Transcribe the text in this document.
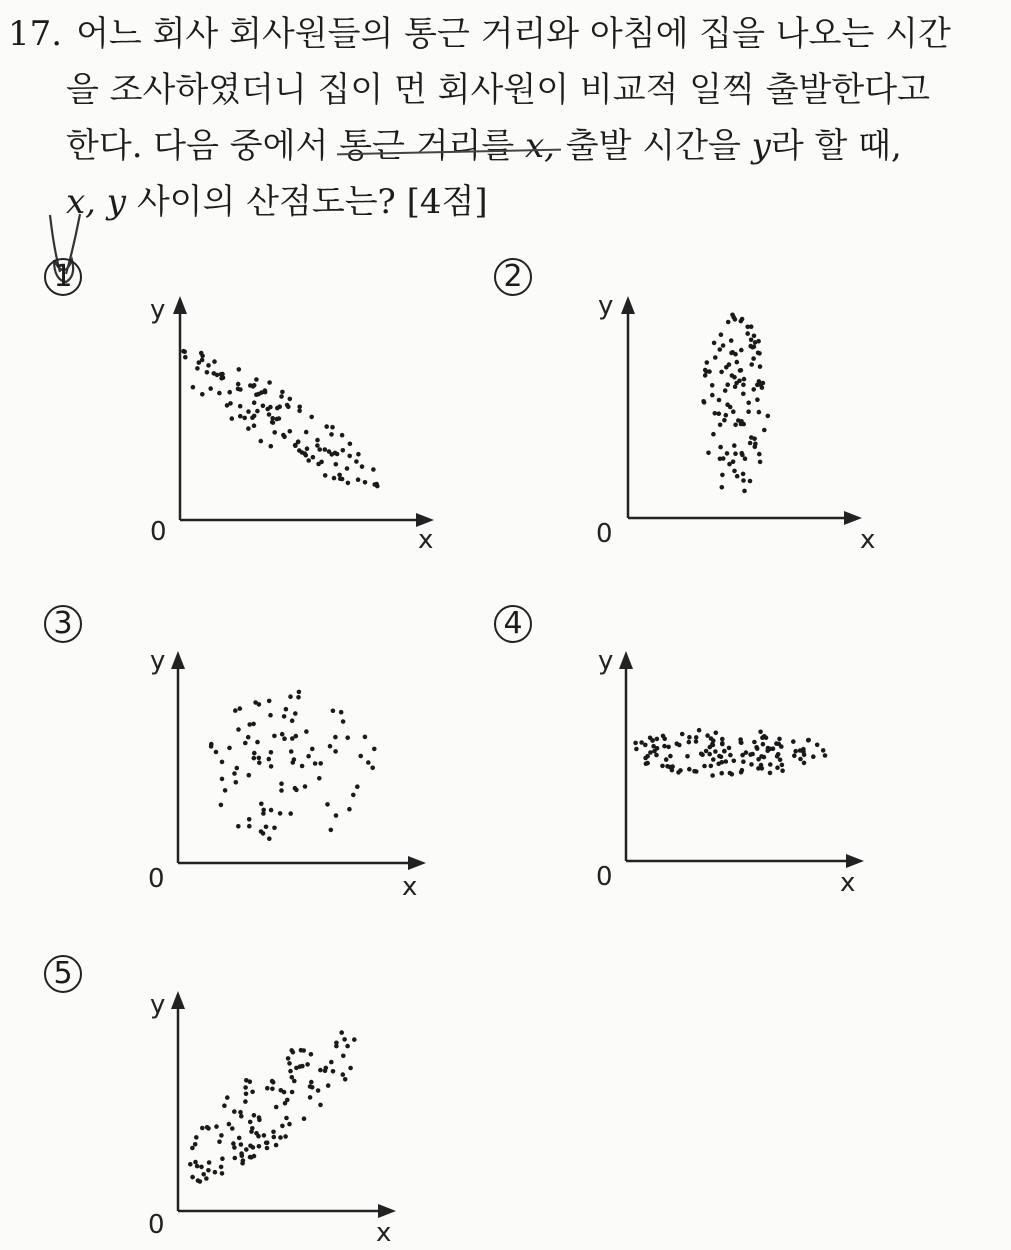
17. 어느 회사 회사원들의 통근 거리와 아침에 집을 나오는 시간

을 조사하였더니 집이 먼 회사원이 비교적 일찍 출발한다고

한다. 다음 중에서 통근 거리를 x, 출발 시간을 y라 할 때,

x, y 사이의 산점도는? [4점]

1
0	x
y
2
0	x
y
3
0	x
y
4
0	x
y
5
0	x
y
